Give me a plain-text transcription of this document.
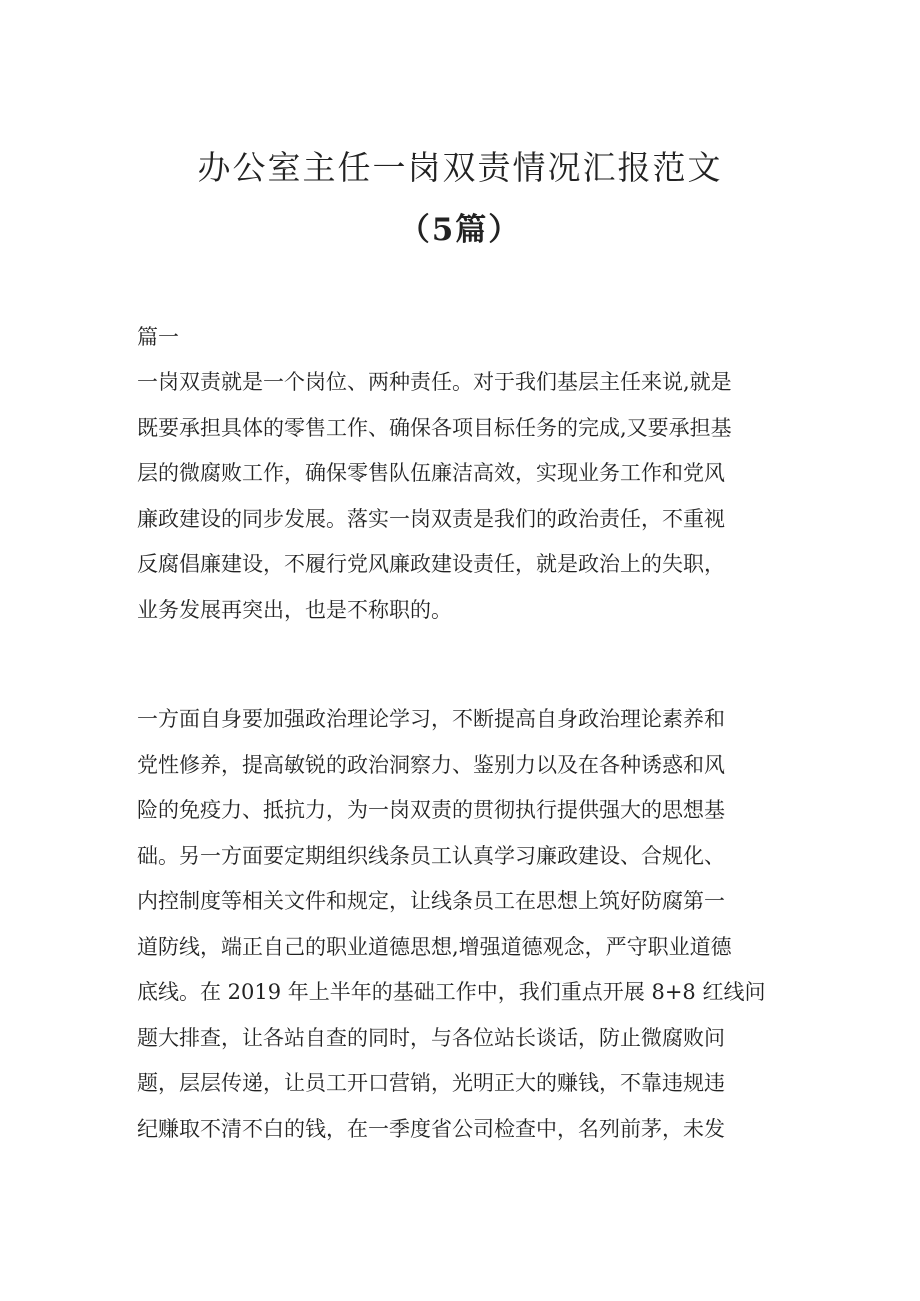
办公室主任一岗双责情况汇报范文
（5篇）
篇一
一岗双责就是一个岗位、两种责任。对于我们基层主任来说,就是
既要承担具体的零售工作、确保各项目标任务的完成,又要承担基
层的微腐败工作，确保零售队伍廉洁高效，实现业务工作和党风
廉政建设的同步发展。落实一岗双责是我们的政治责任，不重视
反腐倡廉建设，不履行党风廉政建设责任，就是政治上的失职，
业务发展再突出，也是不称职的。
一方面自身要加强政治理论学习，不断提高自身政治理论素养和
党性修养，提高敏锐的政治洞察力、鉴别力以及在各种诱惑和风
险的免疫力、抵抗力，为一岗双责的贯彻执行提供强大的思想基
础。另一方面要定期组织线条员工认真学习廉政建设、合规化、
内控制度等相关文件和规定，让线条员工在思想上筑好防腐第一
道防线，端正自己的职业道德思想,增强道德观念，严守职业道德
底线。在 2019 年上半年的基础工作中，我们重点开展 8+8 红线问
题大排查，让各站自查的同时，与各位站长谈话，防止微腐败问
题，层层传递，让员工开口营销，光明正大的赚钱，不靠违规违
纪赚取不清不白的钱，在一季度省公司检查中，名列前茅，未发
